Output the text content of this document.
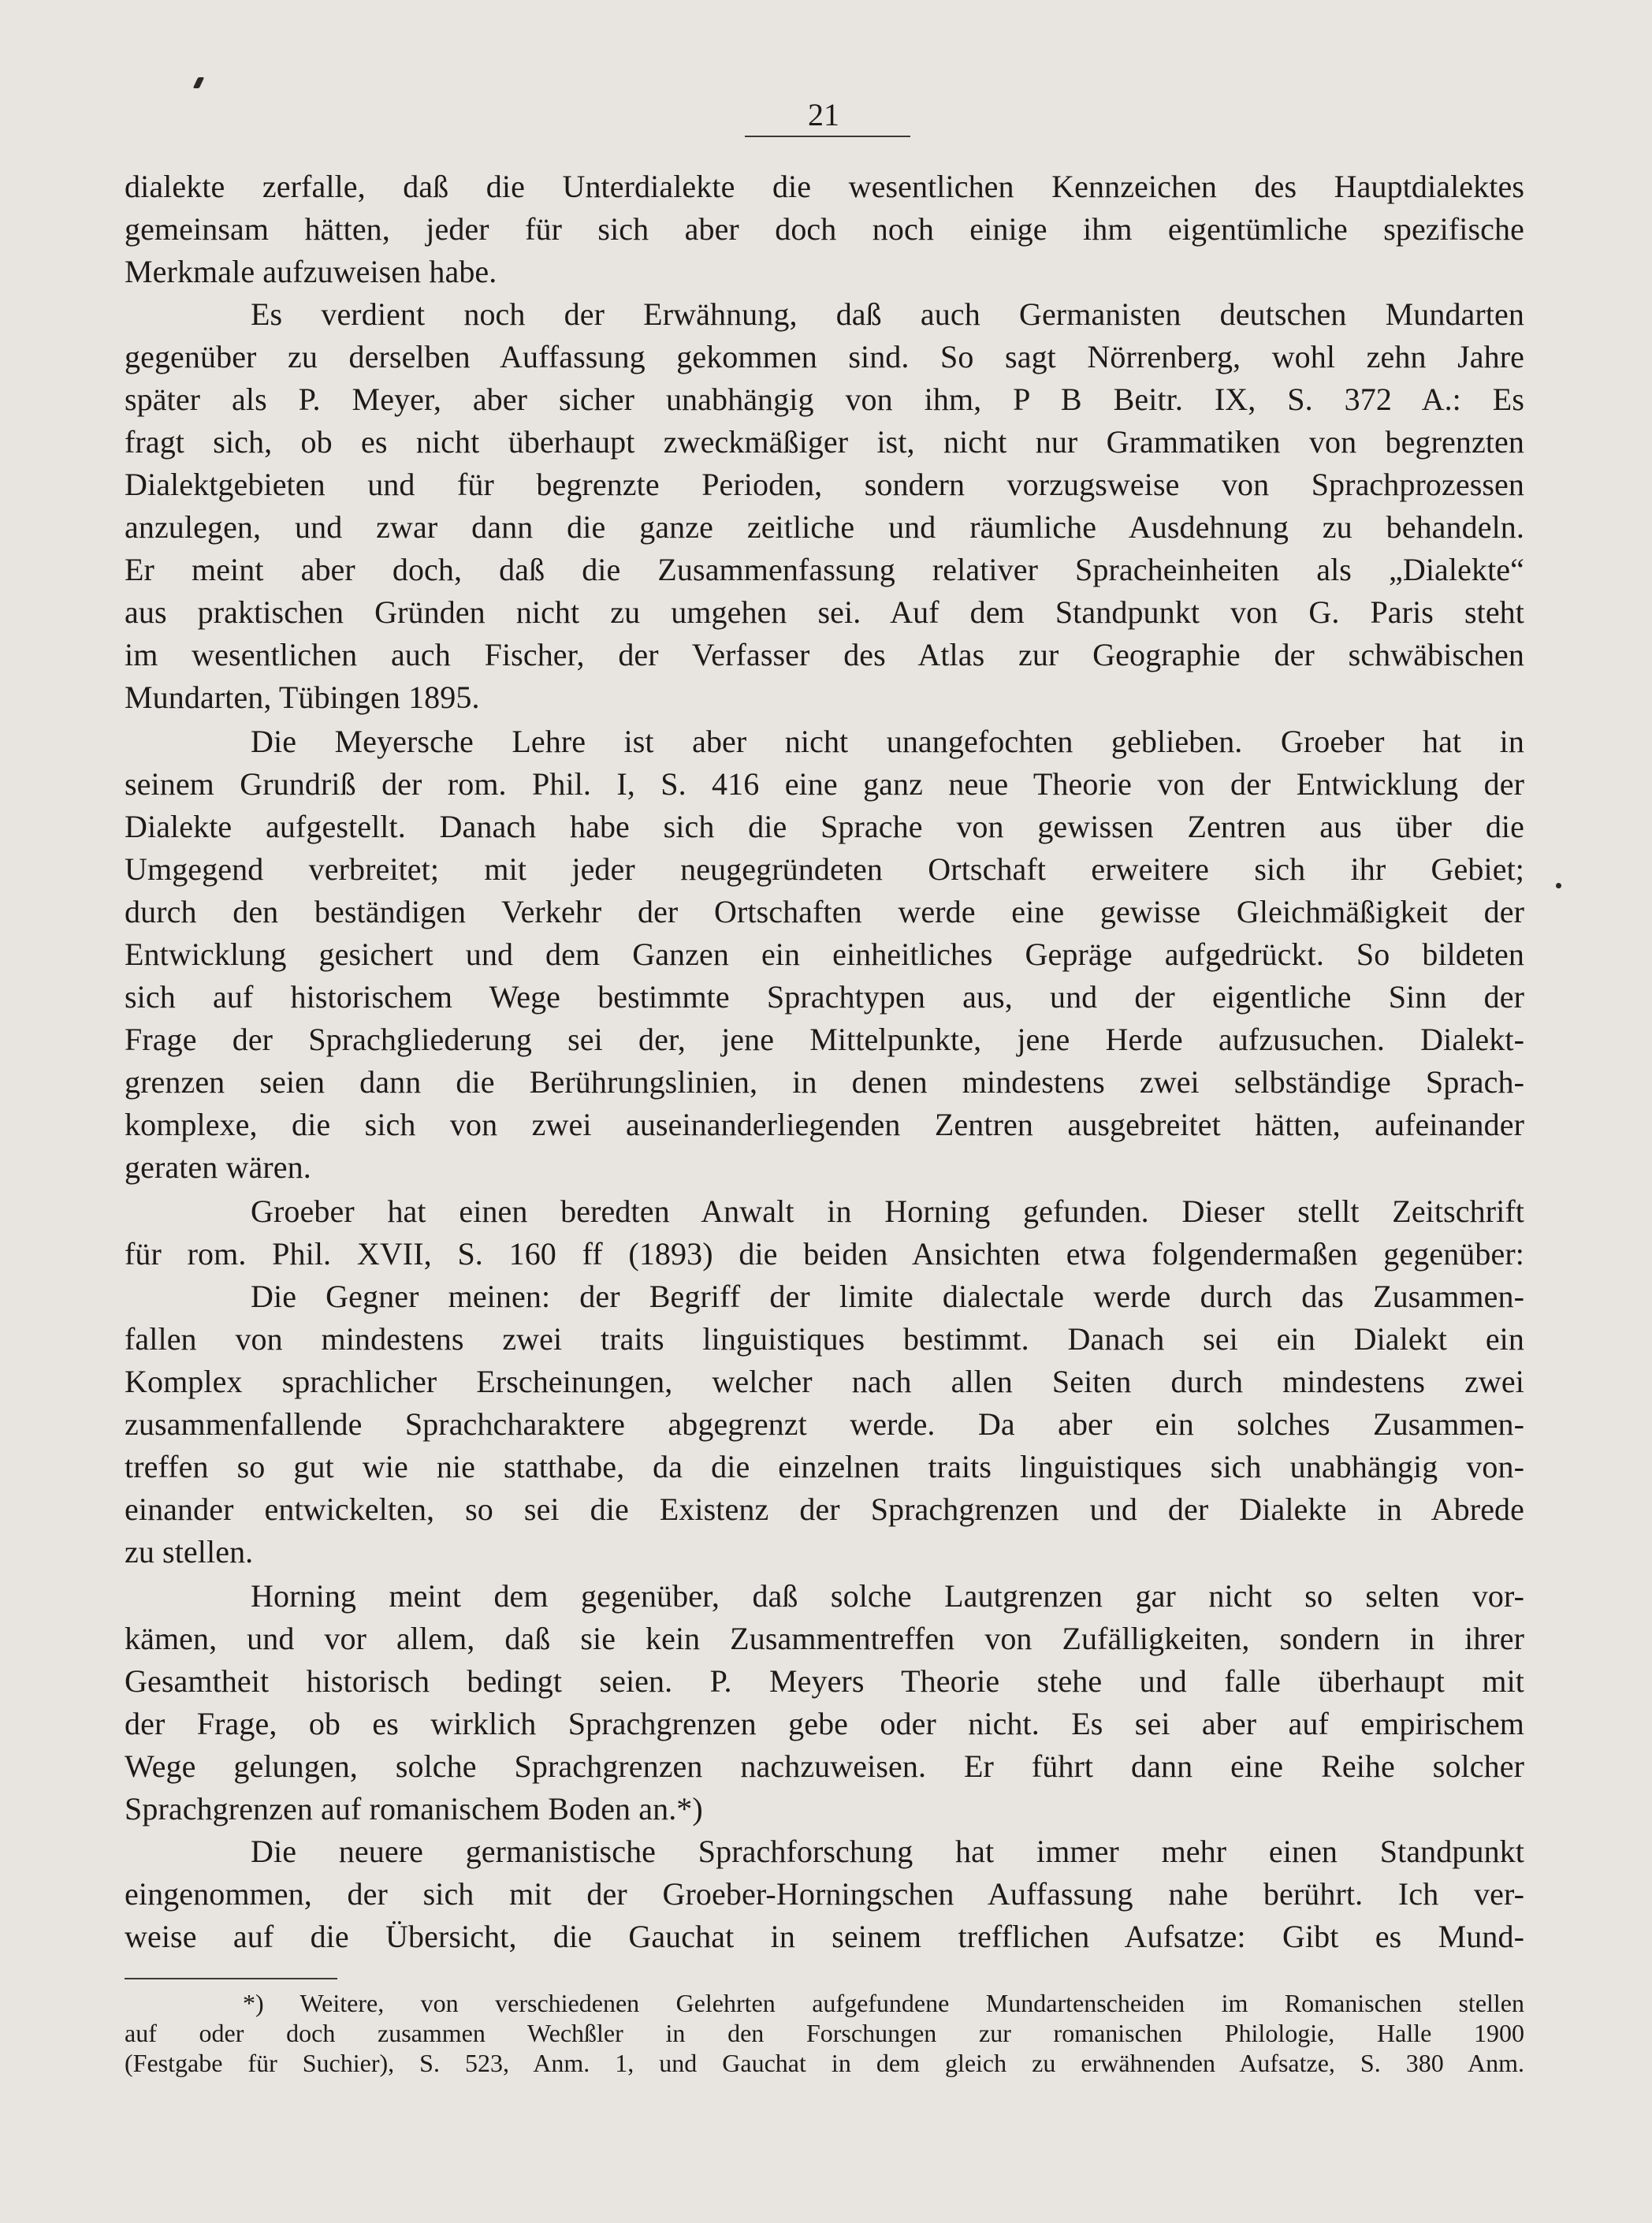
21
dialekte zerfalle, daß die Unterdialekte die wesentlichen Kennzeichen des Hauptdialektes
gemeinsam hätten, jeder für sich aber doch noch einige ihm eigentümliche spezifische
Merkmale aufzuweisen habe.
Es verdient noch der Erwähnung, daß auch Germanisten deutschen Mundarten
gegenüber zu derselben Auffassung gekommen sind. So sagt Nörrenberg, wohl zehn Jahre
später als P. Meyer, aber sicher unabhängig von ihm, P B Beitr. IX, S. 372 A.: Es
fragt sich, ob es nicht überhaupt zweckmäßiger ist, nicht nur Grammatiken von begrenzten
Dialektgebieten und für begrenzte Perioden, sondern vorzugsweise von Sprachprozessen
anzulegen, und zwar dann die ganze zeitliche und räumliche Ausdehnung zu behandeln.
Er meint aber doch, daß die Zusammenfassung relativer Spracheinheiten als „Dialekte“
aus praktischen Gründen nicht zu umgehen sei. Auf dem Standpunkt von G. Paris steht
im wesentlichen auch Fischer, der Verfasser des Atlas zur Geographie der schwäbischen
Mundarten, Tübingen 1895.
Die Meyersche Lehre ist aber nicht unangefochten geblieben. Groeber hat in
seinem Grundriß der rom. Phil. I, S. 416 eine ganz neue Theorie von der Entwicklung der
Dialekte aufgestellt. Danach habe sich die Sprache von gewissen Zentren aus über die
Umgegend verbreitet; mit jeder neugegründeten Ortschaft erweitere sich ihr Gebiet;
durch den beständigen Verkehr der Ortschaften werde eine gewisse Gleichmäßigkeit der
Entwicklung gesichert und dem Ganzen ein einheitliches Gepräge aufgedrückt. So bildeten
sich auf historischem Wege bestimmte Sprachtypen aus, und der eigentliche Sinn der
Frage der Sprachgliederung sei der, jene Mittelpunkte, jene Herde aufzusuchen. Dialekt-
grenzen seien dann die Berührungslinien, in denen mindestens zwei selbständige Sprach-
komplexe, die sich von zwei auseinanderliegenden Zentren ausgebreitet hätten, aufeinander
geraten wären.
Groeber hat einen beredten Anwalt in Horning gefunden. Dieser stellt Zeitschrift
für rom. Phil. XVII, S. 160 ff (1893) die beiden Ansichten etwa folgendermaßen gegenüber:
Die Gegner meinen: der Begriff der limite dialectale werde durch das Zusammen-
fallen von mindestens zwei traits linguistiques bestimmt. Danach sei ein Dialekt ein
Komplex sprachlicher Erscheinungen, welcher nach allen Seiten durch mindestens zwei
zusammenfallende Sprachcharaktere abgegrenzt werde. Da aber ein solches Zusammen-
treffen so gut wie nie statthabe, da die einzelnen traits linguistiques sich unabhängig von-
einander entwickelten, so sei die Existenz der Sprachgrenzen und der Dialekte in Abrede
zu stellen.
Horning meint dem gegenüber, daß solche Lautgrenzen gar nicht so selten vor-
kämen, und vor allem, daß sie kein Zusammentreffen von Zufälligkeiten, sondern in ihrer
Gesamtheit historisch bedingt seien. P. Meyers Theorie stehe und falle überhaupt mit
der Frage, ob es wirklich Sprachgrenzen gebe oder nicht. Es sei aber auf empirischem
Wege gelungen, solche Sprachgrenzen nachzuweisen. Er führt dann eine Reihe solcher
Sprachgrenzen auf romanischem Boden an.*)
Die neuere germanistische Sprachforschung hat immer mehr einen Standpunkt
eingenommen, der sich mit der Groeber-Horningschen Auffassung nahe berührt. Ich ver-
weise auf die Übersicht, die Gauchat in seinem trefflichen Aufsatze: Gibt es Mund-
*) Weitere, von verschiedenen Gelehrten aufgefundene Mundartenscheiden im Romanischen stellen
auf oder doch zusammen Wechßler in den Forschungen zur romanischen Philologie, Halle 1900
(Festgabe für Suchier), S. 523, Anm. 1, und Gauchat in dem gleich zu erwähnenden Aufsatze, S. 380 Anm.
